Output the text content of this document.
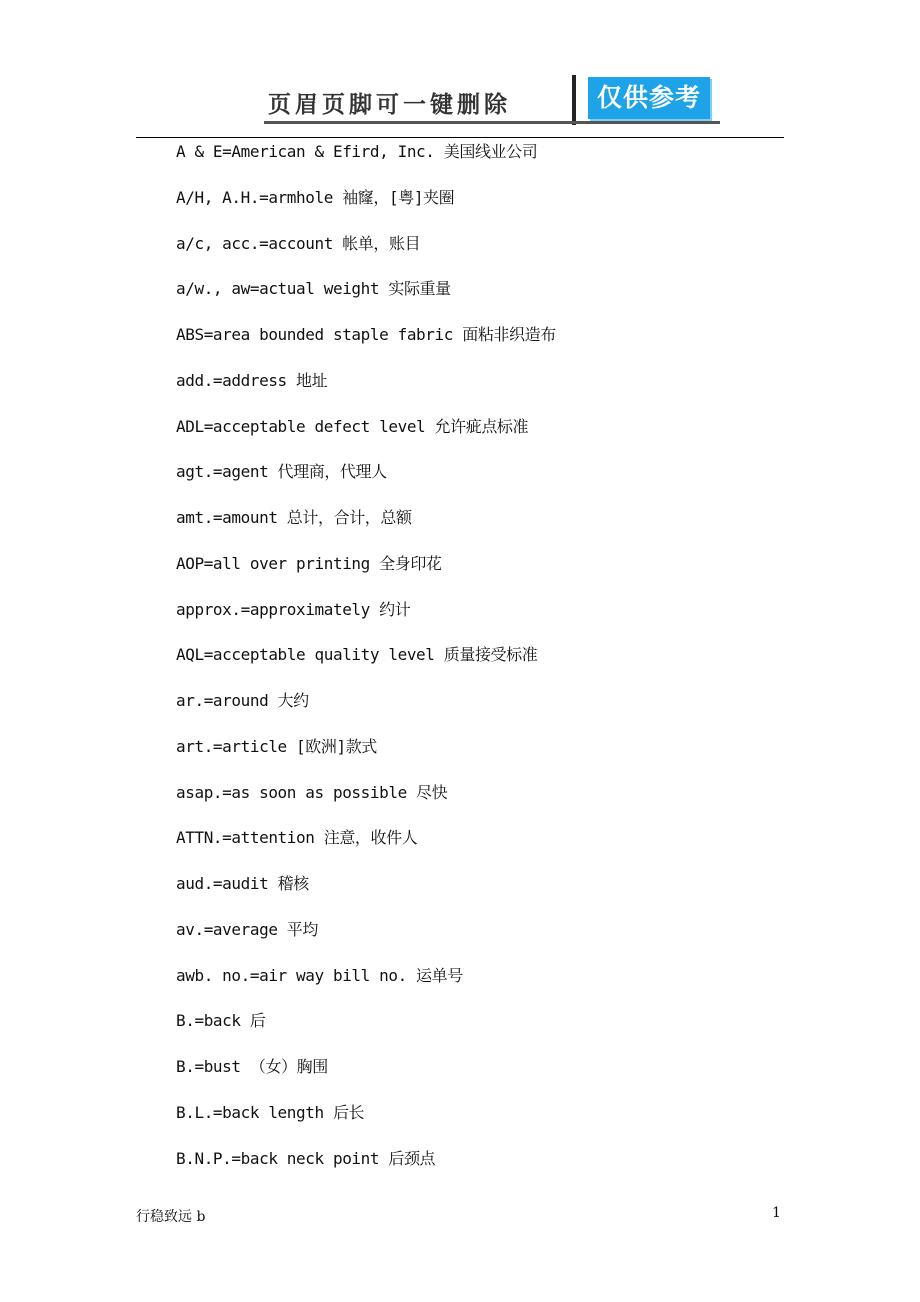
页眉页脚可一键删除	仅供参考
A & E=American & Efird, Inc. 美国线业公司
A/H, A.H.=armhole 袖窿，[粤]夹圈
a/c, acc.=account 帐单，账目
a/w., aw=actual weight 实际重量
ABS=area bounded staple fabric 面粘非织造布
add.=address 地址
ADL=acceptable defect level 允许疵点标准
agt.=agent 代理商，代理人
amt.=amount 总计，合计，总额
AOP=all over printing 全身印花
approx.=approximately 约计
AQL=acceptable quality level 质量接受标准
ar.=around 大约
art.=article [欧洲]款式
asap.=as soon as possible 尽快
ATTN.=attention 注意，收件人
aud.=audit 稽核
av.=average 平均
awb. no.=air way bill no. 运单号
B.=back 后
B.=bust （女）胸围
B.L.=back length 后长
B.N.P.=back neck point 后颈点
行稳致远 b	1
